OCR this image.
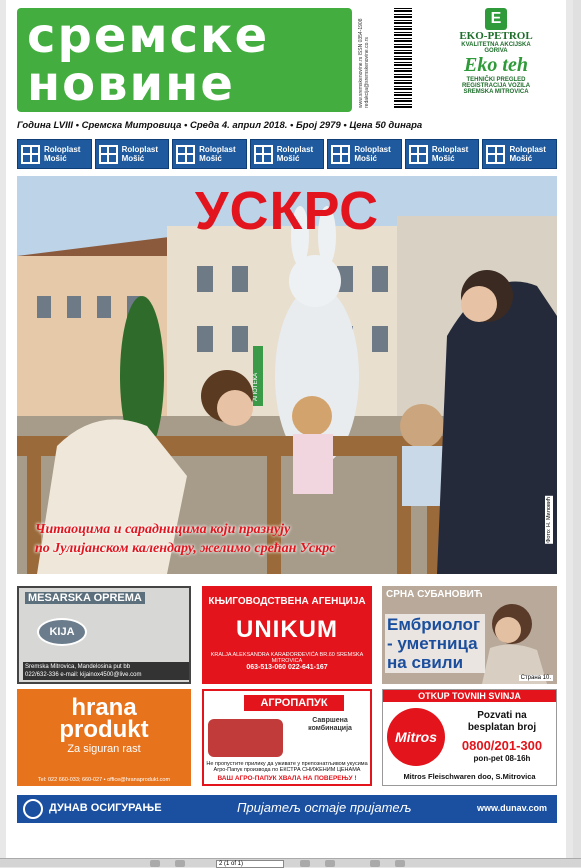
сремске
новине	www.sremskenovine.rs ISSN 0354-1908 redakcija@sremskenovine.co.rs
E
EKO-PETROL
KVALITETNA AKCIJSKA GORIVA
Eko teh
TEHNIČKI PREGLED REGISTRACIJA VOZILA SREMSKA MITROVICA
Година LVIII • Сремска Митровица • Среда 4. април 2018. • Број 2979 • Цена 50 динара
Roloplast
Mošić
Roloplast
Mošić
Roloplast
Mošić
Roloplast
Mošić
Roloplast
Mošić
Roloplast
Mošić
Roloplast
Mošić
АПОТЕКА
УСКРС
Читаоцима и сарадницима који празнују
по Јулијанском календару, желимо срећан Ускрс
Фото: Н. Миловић
MESARSKA OPREMA
KIJA
Sremska Mitrovica, Mandelosina put bb
022/632-336 e-mail: kijainox4500@live.com
КЊИГОВОДСТВЕНА АГЕНЦИЈА
UNIKUM
KRALJA ALEKSANDRA KARAĐORĐEVIĆA BR.60 SREMSKA MITROVICA
063-513-060 022-641-167
СРНА СУБАНОВИЋ
Ембриолог
- уметница
на свили
Страна 10.
hrana
produkt
Za siguran rast
Tel: 022 660-033; 660-027 • office@hranaprodukt.com
АГРОПАПУК
Савршена
комбинација
Не пропустите прилику да уживате у препознатљивом укусима Агро-Папук производа по ЕКСТРА СНИЖЕНИМ ЦЕНАМА
ВАШ АГРО-ПАПУК ХВАЛА НА ПОВЕРЕЊУ !
OTKUP TOVNIH SVINJA
Mitros
Pozvati na
besplatan broj
0800/201-300
pon-pet 08-16h
Mitros Fleischwaren doo, S.Mitrovica
ДУНАВ ОСИГУРАЊЕ	Пријатељ остаје пријатељ	www.dunav.com
2 (1 of 1)
